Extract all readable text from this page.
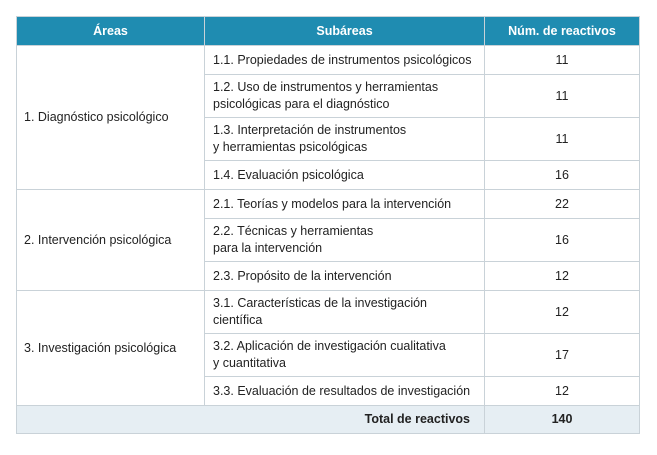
Áreas	Subáreas	Núm. de reactivos
1. Diagnóstico psicológico	1.1. Propiedades de instrumentos psicológicos	11

	1.2. Uso de instrumentos y herramientas
psicológicas para el diagnóstico	11

	1.3. Interpretación de instrumentos
y herramientas psicológicas	11

	1.4. Evaluación psicológica	16
2. Intervención psicológica	2.1. Teorías y modelos para la intervención	22

	2.2. Técnicas y herramientas
para la intervención	16

	2.3. Propósito de la intervención	12
3. Investigación psicológica	3.1. Características de la investigación
científica	12

	3.2. Aplicación de investigación cualitativa
y cuantitativa	17

	3.3. Evaluación de resultados de investigación	12
Total de reactivos		140
